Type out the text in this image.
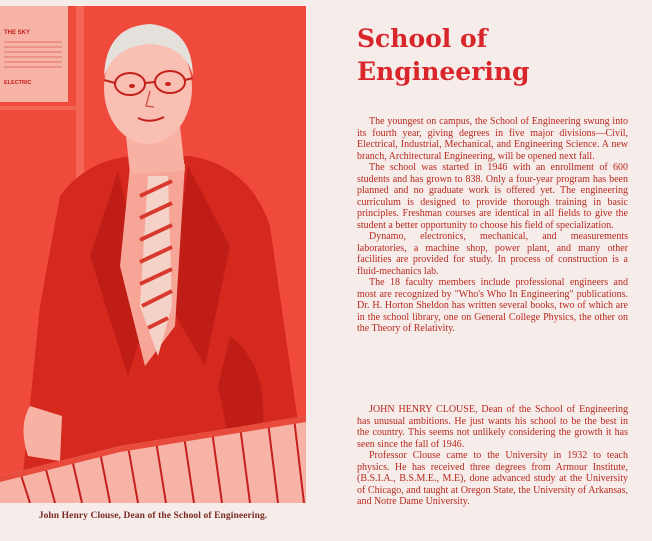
THE SKY
ELECTRIC
John Henry Clouse, Dean of the School of Engineering.
School of
Engineering

The youngest on campus, the School of Engineering swung into its fourth year, giving degrees in five major divisions—Civil, Electrical, Industrial, Mechanical, and Engineering Science. A new branch, Architectural Engineering, will be opened next fall.

The school was started in 1946 with an enrollment of 600 students and has grown to 838. Only a four-year program has been planned and no graduate work is offered yet. The engineering curriculum is designed to provide thorough training in basic principles. Freshman courses are identical in all fields to give the student a better opportunity to choose his field of specialization.

Dynamo, electronics, mechanical, and measurements laboratories, a machine shop, power plant, and many other facilities are provided for study. In process of construction is a fluid-mechanics lab.

The 18 faculty members include professional engineers and most are recognized by "Who's Who In Engineering" publications. Dr. H. Horton Sheldon has written several books, two of which are in the school library, one on General College Physics, the other on the Theory of Relativity.

JOHN HENRY CLOUSE, Dean of the School of Engineering has unusual ambitions. He just wants his school to be the best in the country. This seems not unlikely considering the growth it has seen since the fall of 1946.

Professor Clouse came to the University in 1932 to teach physics. He has received three degrees from Armour Institute, (B.S.I.A., B.S.M.E., M.E), done advanced study at the University of Chicago, and taught at Oregon State, the University of Arkansas, and Notre Dame University.
